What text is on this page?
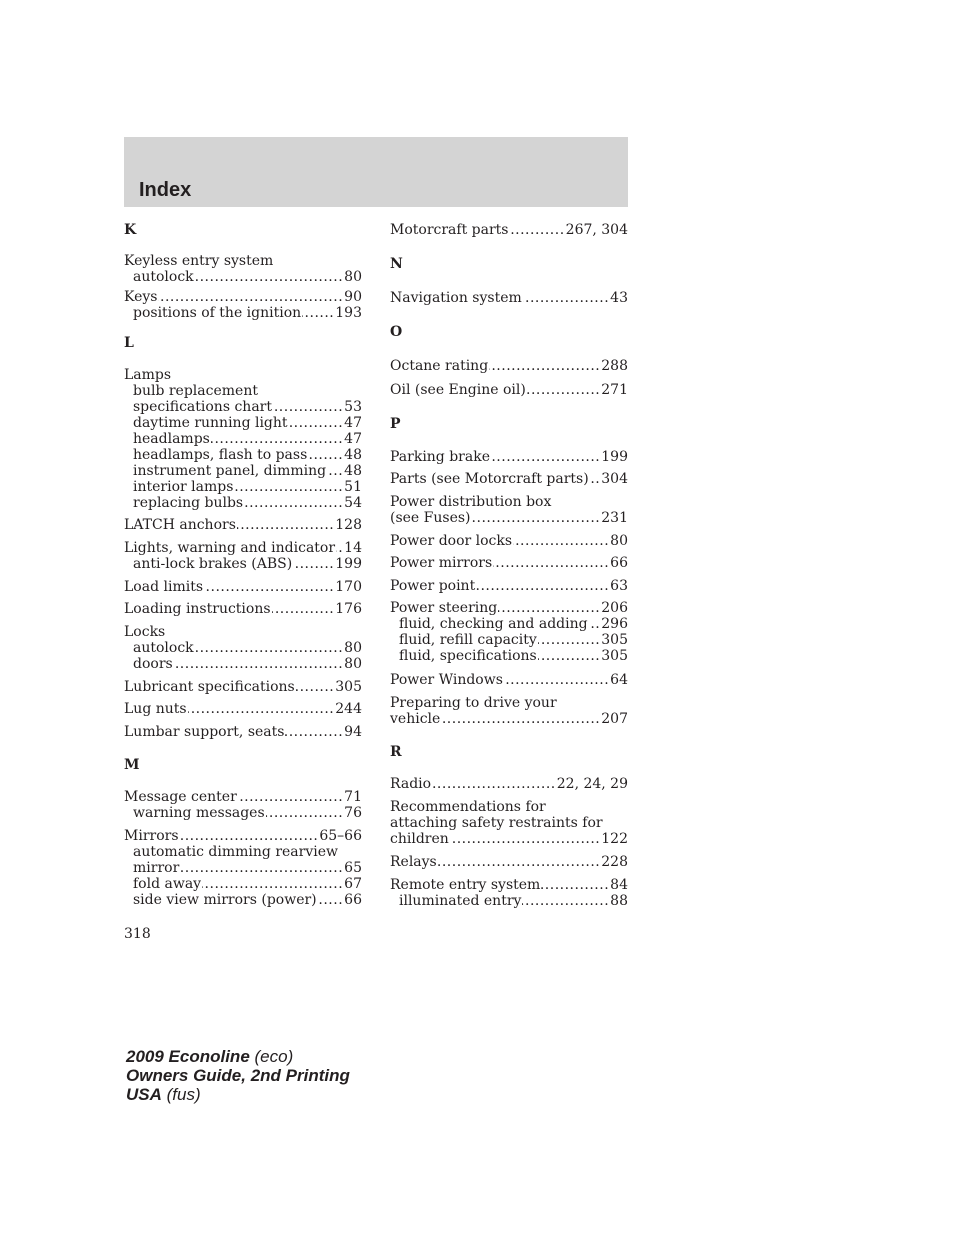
Index
K
Keyless entry system
autolock .....	80
Keys .....	90
positions of the ignition ..... 193
L
Lamps
bulb replacement
specifications chart .....	53
daytime running light .....	47
headlamps .....	47
headlamps, flash to pass .....	48
instrument panel, dimming ..... 48
interior lamps .....	51
replacing bulbs .....	54
LATCH anchors .....	128
Lights, warning and indicator ..... 14
anti-lock brakes (ABS) .....	199
Load limits .....	170
Loading instructions .....	176
Locks
autolock .....	80
doors .....	80
Lubricant specifications .....	305
Lug nuts .....	244
Lumbar support, seats .....	94
M
Message center .....	71
warning messages .....	76
Mirrors .....	65–66
automatic dimming rearview
mirror .....	65
fold away .....	67
side view mirrors (power) ..... 66
Motorcraft parts .....	267, 304
N
Navigation system .....	43
O
Octane rating .....	288
Oil (see Engine oil) .....	271
P
Parking brake .....	199
Parts (see Motorcraft parts) ..... 304
Power distribution box
(see Fuses) .....	231
Power door locks .....	80
Power mirrors .....	66
Power point .....	63
Power steering .....	206
fluid, checking and adding ..... 296
fluid, refill capacity .....	305
fluid, specifications .....	305
Power Windows .....	64
Preparing to drive your
vehicle .....	207
R
Radio .....	22, 24, 29
Recommendations for
attaching safety restraints for
children .....	122
Relays .....	228
Remote entry system .....	84
illuminated entry .....	88
318
2009 Econoline (eco)
Owners Guide, 2nd Printing
USA (fus)
